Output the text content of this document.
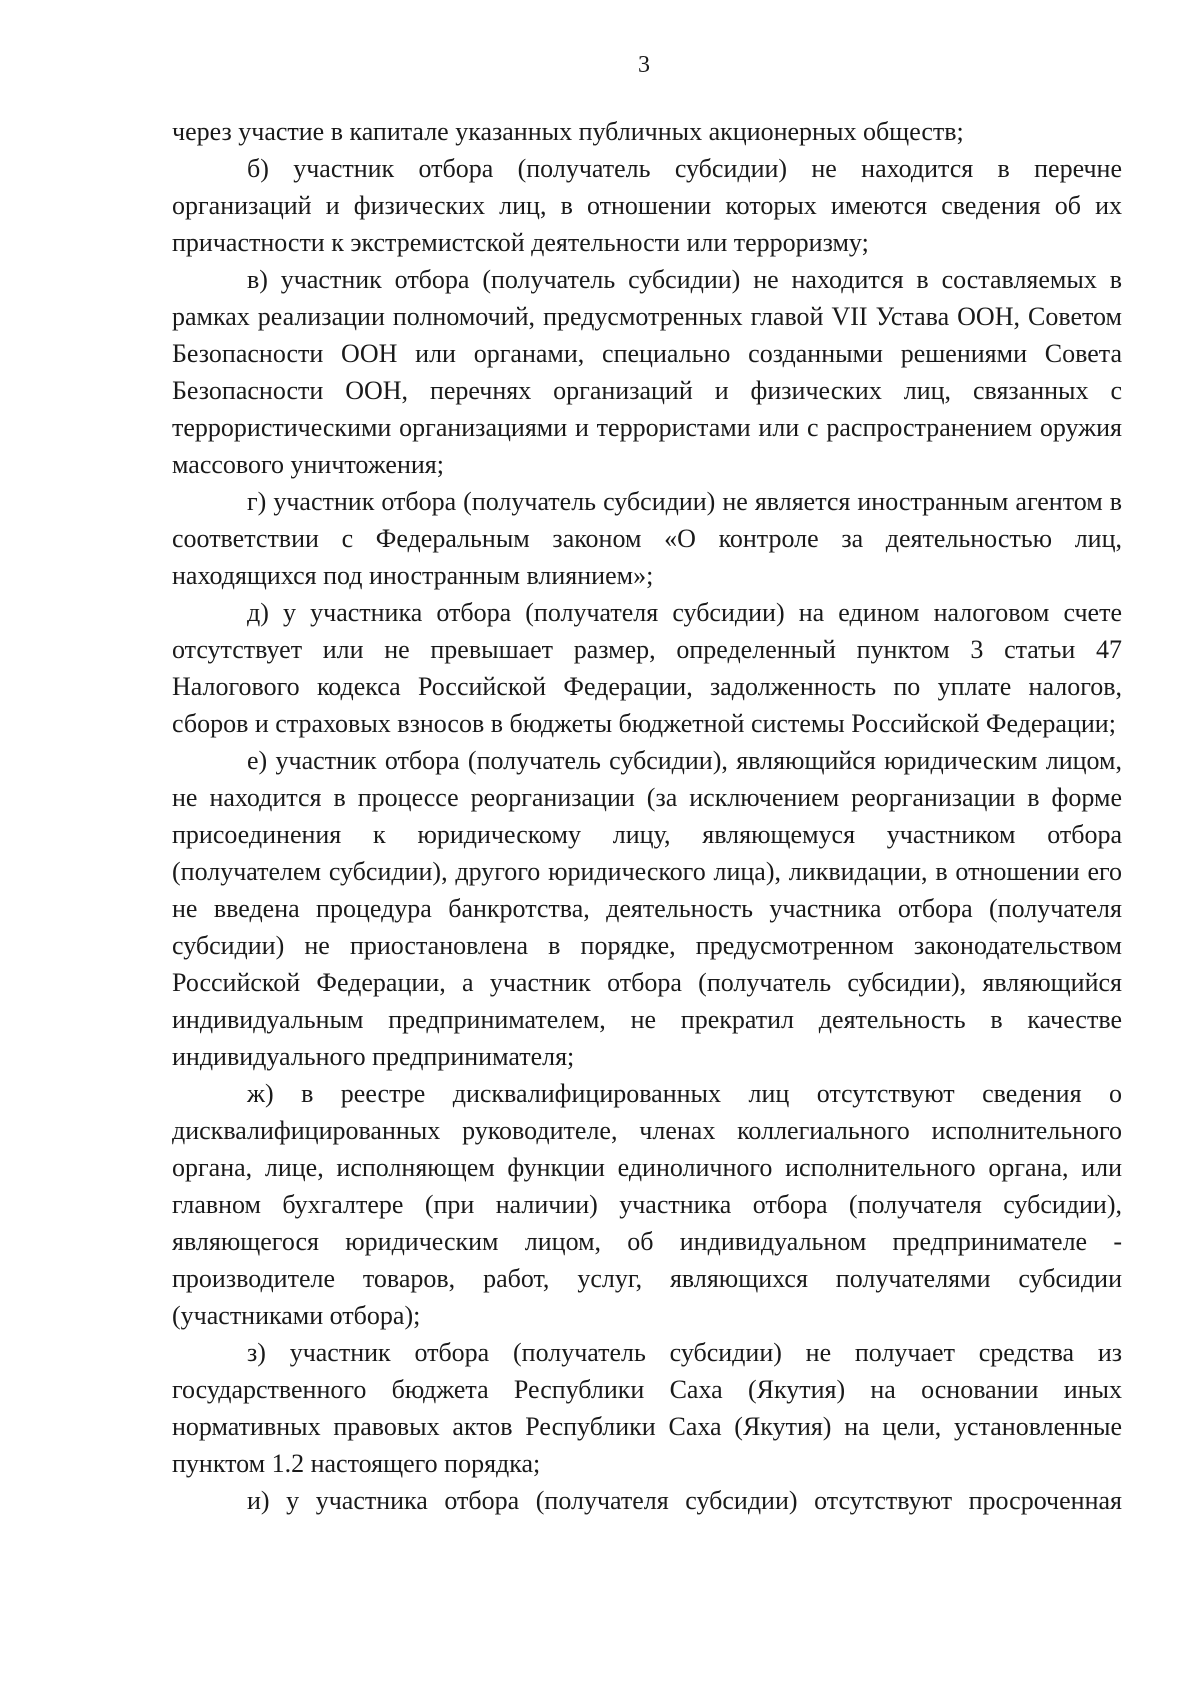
3

через участие в капитале указанных публичных акционерных обществ;

б) участник отбора (получатель субсидии) не находится в перечне организаций и физических лиц, в отношении которых имеются сведения об их причастности к экстремистской деятельности или терроризму;

в) участник отбора (получатель субсидии) не находится в составляемых в рамках реализации полномочий, предусмотренных главой VII Устава ООН, Советом Безопасности ООН или органами, специально созданными решениями Совета Безопасности ООН, перечнях организаций и физических лиц, связанных с террористическими организациями и террористами или с распространением оружия массового уничтожения;

г) участник отбора (получатель субсидии) не является иностранным агентом в соответствии с Федеральным законом «О контроле за деятельностью лиц, находящихся под иностранным влиянием»;

д) у участника отбора (получателя субсидии) на едином налоговом счете отсутствует или не превышает размер, определенный пунктом 3 статьи 47 Налогового кодекса Российской Федерации, задолженность по уплате налогов, сборов и страховых взносов в бюджеты бюджетной системы Российской Федерации;

е) участник отбора (получатель субсидии), являющийся юридическим лицом, не находится в процессе реорганизации (за исключением реорганизации в форме присоединения к юридическому лицу, являющемуся участником отбора (получателем субсидии), другого юридического лица), ликвидации, в отношении его не введена процедура банкротства, деятельность участника отбора (получателя субсидии) не приостановлена в порядке, предусмотренном законодательством Российской Федерации, а участник отбора (получатель субсидии), являющийся индивидуальным предпринимателем, не прекратил деятельность в качестве индивидуального предпринимателя;

ж) в реестре дисквалифицированных лиц отсутствуют сведения о дисквалифицированных руководителе, членах коллегиального исполнительного органа, лице, исполняющем функции единоличного исполнительного органа, или главном бухгалтере (при наличии) участника отбора (получателя субсидии), являющегося юридическим лицом, об индивидуальном предпринимателе - производителе товаров, работ, услуг, являющихся получателями субсидии (участниками отбора);

з) участник отбора (получатель субсидии) не получает средства из государственного бюджета Республики Саха (Якутия) на основании иных нормативных правовых актов Республики Саха (Якутия) на цели, установленные пунктом 1.2 настоящего порядка;

и) у участника отбора (получателя субсидии) отсутствуют просроченная
